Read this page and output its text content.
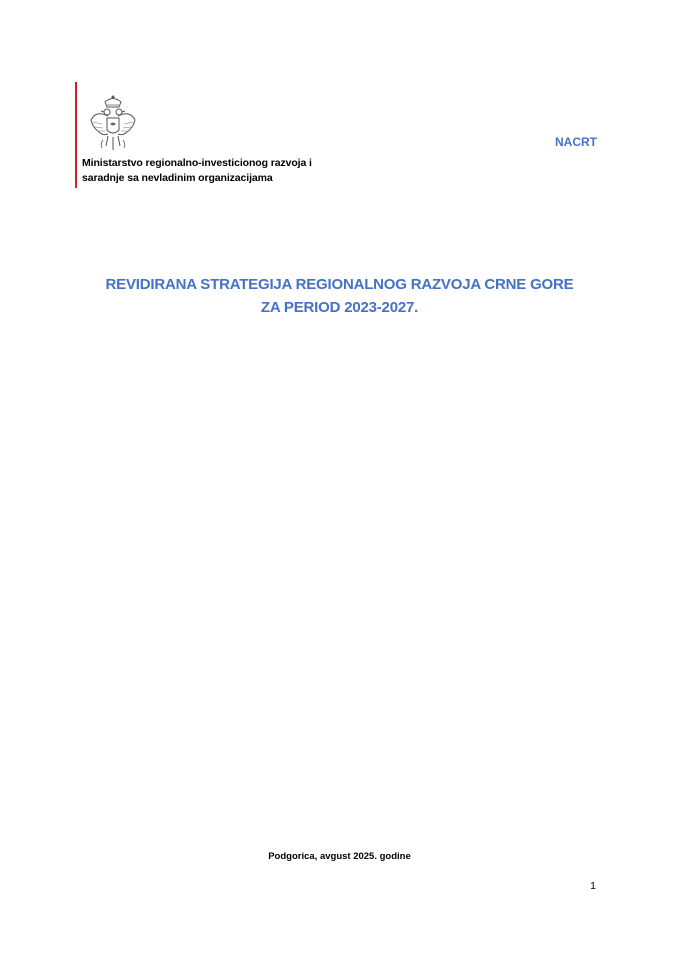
Ministarstvo regionalno-investicionog razvoja i
saradnje sa nevladinim organizacijama
NACRT
REVIDIRANA STRATEGIJA REGIONALNOG RAZVOJA CRNE GORE
ZA PERIOD 2023-2027.
Podgorica, avgust 2025. godine
1
